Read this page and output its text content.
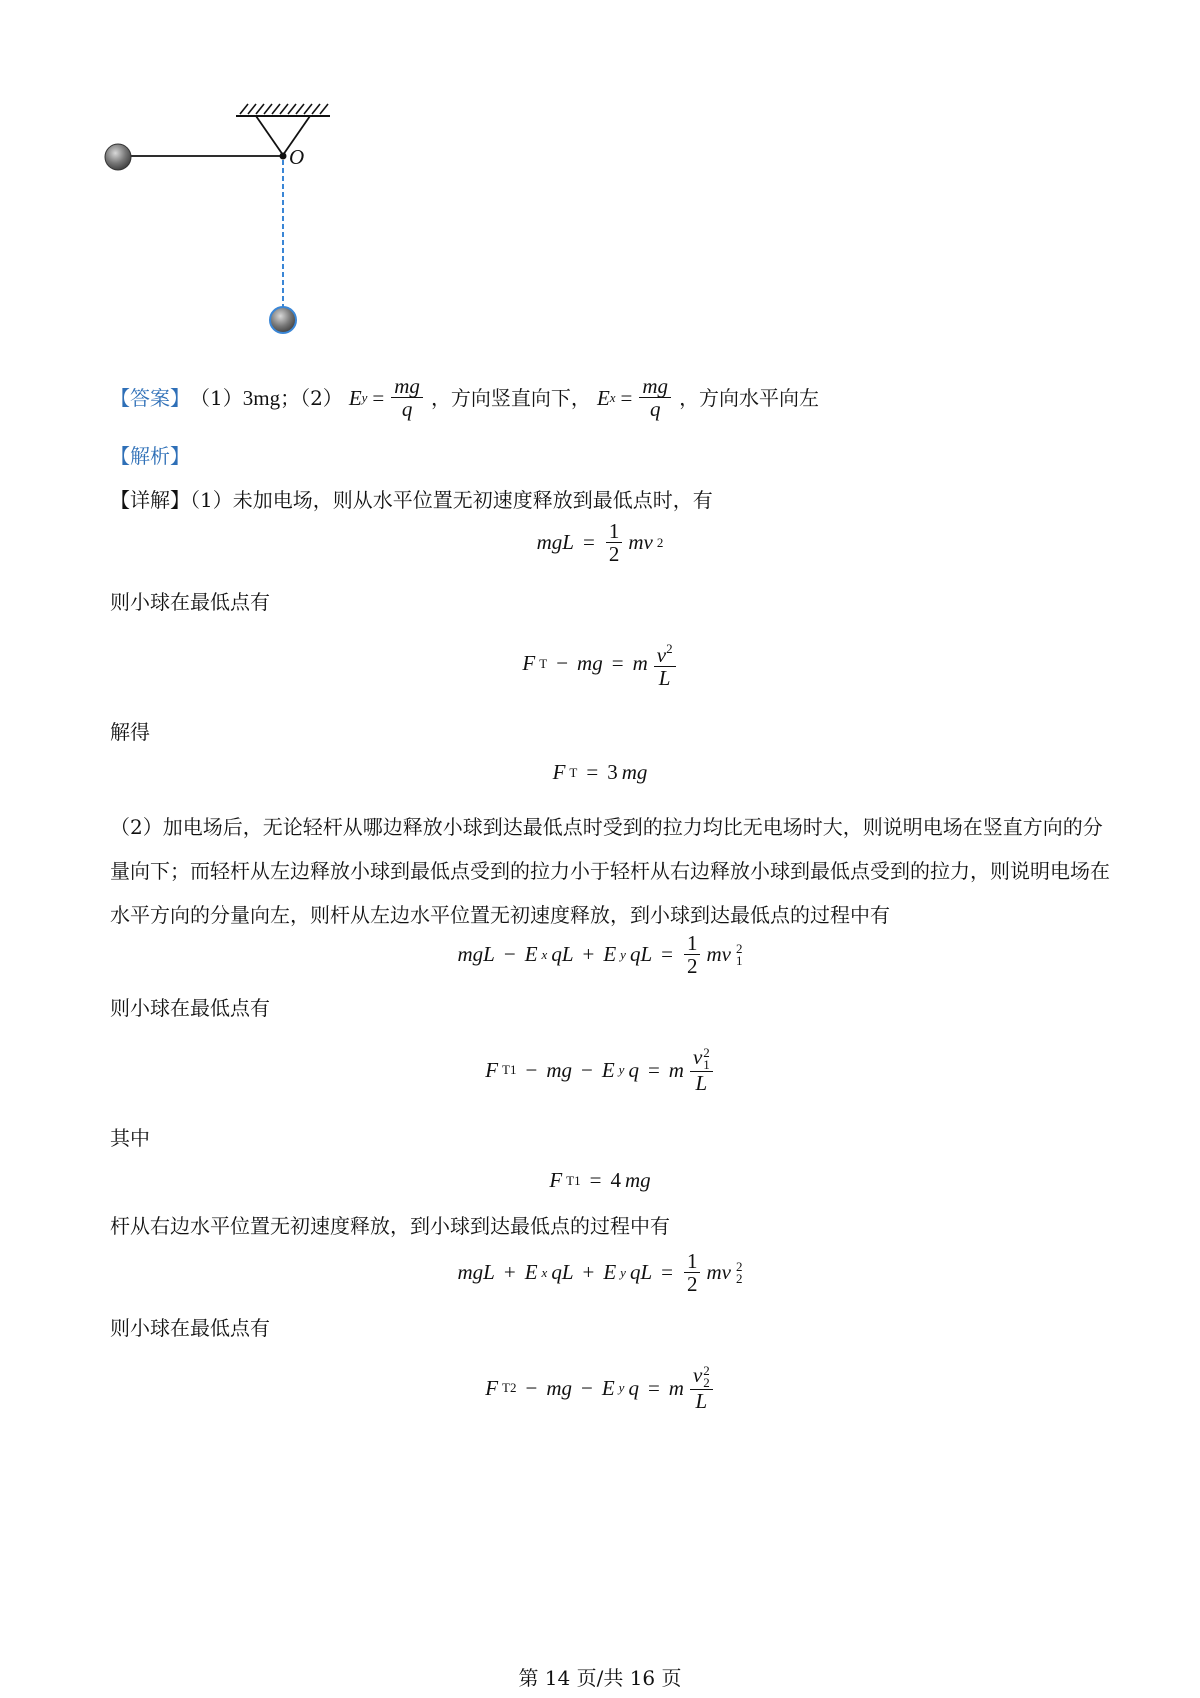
O
【答案】 （1） 3mg ；（2） E $y = \frac{mg}{q}$ ，方向竖直向下， E $x = \frac{mg}{q}$ ，方向水平向左
【解析】
【详解】（1）未加电场，则从水平位置无初速度释放到最低点时，有
mgL = $\frac{1}{2}$ mv 2
则小球在最低点有
F T − mg = m $\frac{v^2}{L}$
解得
F T = 3 mg
（2）加电场后，无论轻杆从哪边释放小球到达最低点时受到的拉力均比无电场时大，则说明电场在竖直方向的分量向下；而轻杆从左边释放小球到最低点受到的拉力小于轻杆从右边释放小球到最低点受到的拉力，则说明电场在水平方向的分量向左，则杆从左边水平位置无初速度释放，到小球到达最低点的过程中有
mgL − E x qL + E y qL = $\frac{1}{2}$ mv 2
1
则小球在最低点有
F T1 − mg − E y q = m v 2
1
L
其中
F T1 = 4 mg
杆从右边水平位置无初速度释放，到小球到达最低点的过程中有
mgL + E x qL + E y qL = $\frac{1}{2}$ mv 2
2
则小球在最低点有
F T2 − mg − E y q = m v 2
2
L
第 14 页/共 16 页
